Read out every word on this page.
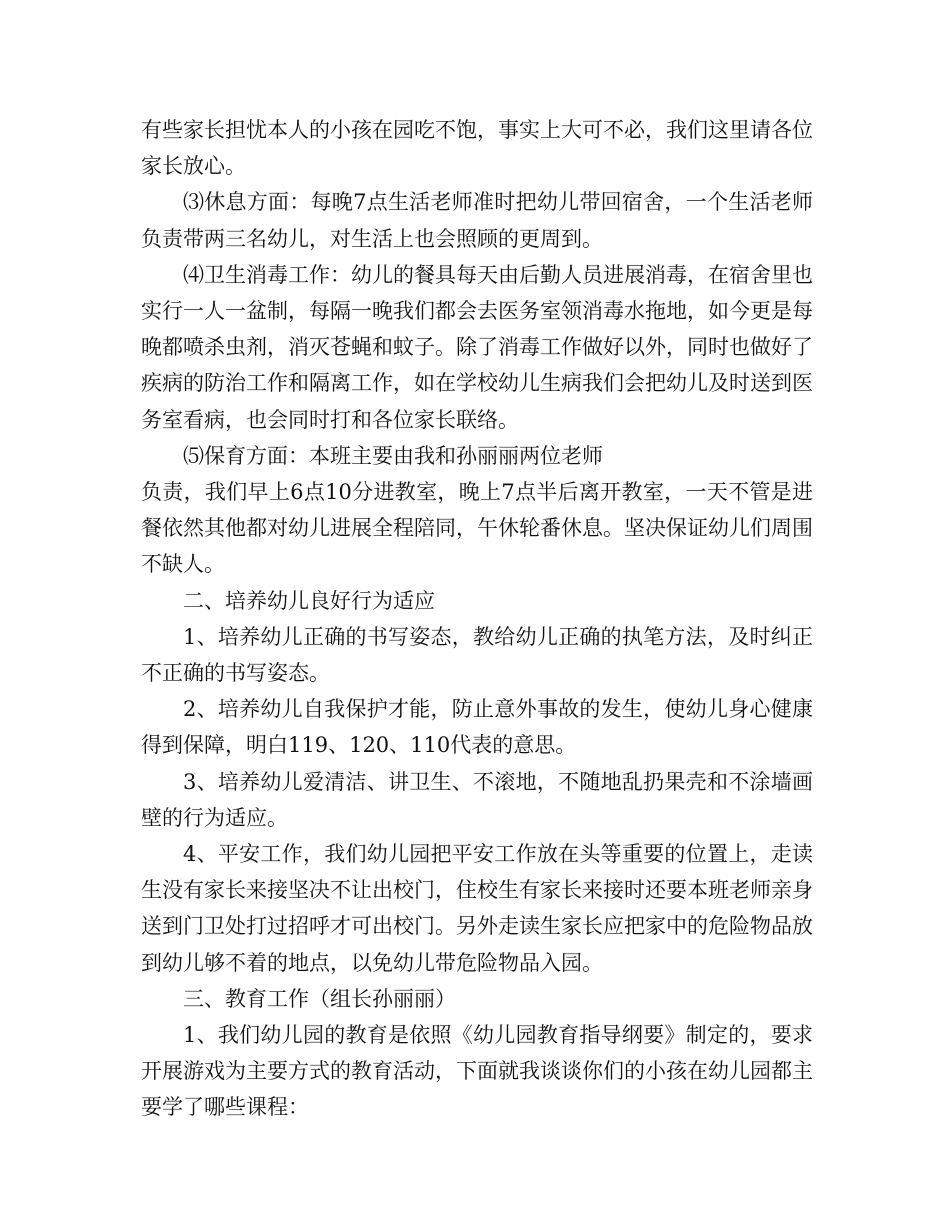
有些家长担忧本人的小孩在园吃不饱，事实上大可不必，我们这里请各位家长放心。

⑶休息方面：每晚7点生活老师准时把幼儿带回宿舍，一个生活老师负责带两三名幼儿，对生活上也会照顾的更周到。

⑷卫生消毒工作：幼儿的餐具每天由后勤人员进展消毒，在宿舍里也实行一人一盆制，每隔一晚我们都会去医务室领消毒水拖地，如今更是每晚都喷杀虫剂，消灭苍蝇和蚊子。除了消毒工作做好以外，同时也做好了疾病的防治工作和隔离工作，如在学校幼儿生病我们会把幼儿及时送到医务室看病，也会同时打和各位家长联络。

⑸保育方面：本班主要由我和孙丽丽两位老师

负责，我们早上6点10分进教室，晚上7点半后离开教室，一天不管是进餐依然其他都对幼儿进展全程陪同，午休轮番休息。坚决保证幼儿们周围不缺人。

二、培养幼儿良好行为适应

1、培养幼儿正确的书写姿态，教给幼儿正确的执笔方法，及时纠正不正确的书写姿态。

2、培养幼儿自我保护才能，防止意外事故的发生，使幼儿身心健康得到保障，明白119、120、110代表的意思。

3、培养幼儿爱清洁、讲卫生、不滚地，不随地乱扔果壳和不涂墙画壁的行为适应。

4、平安工作，我们幼儿园把平安工作放在头等重要的位置上，走读生没有家长来接坚决不让出校门，住校生有家长来接时还要本班老师亲身送到门卫处打过招呼才可出校门。另外走读生家长应把家中的危险物品放到幼儿够不着的地点，以免幼儿带危险物品入园。

三、教育工作（组长孙丽丽）

1、我们幼儿园的教育是依照《幼儿园教育指导纲要》制定的，要求开展游戏为主要方式的教育活动，下面就我谈谈你们的小孩在幼儿园都主要学了哪些课程：
